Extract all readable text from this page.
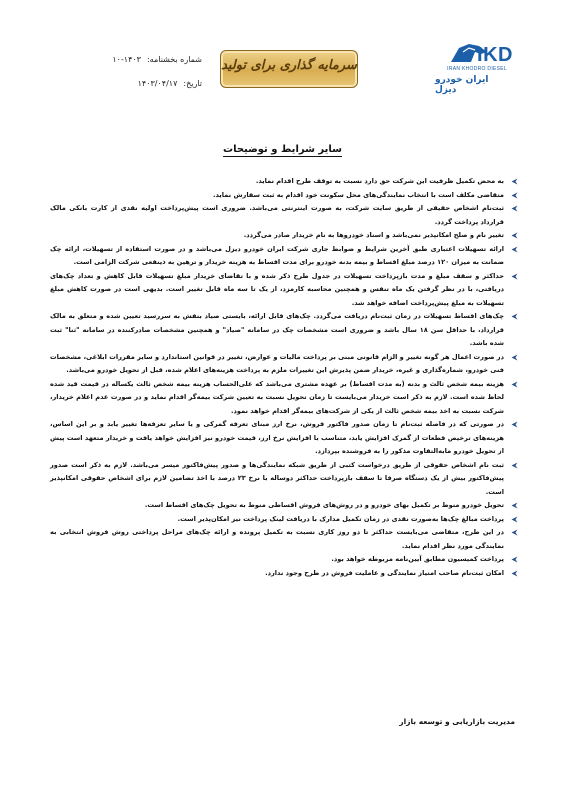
IKD
IRAN KHODRO DIESEL
ایران خودرو دیزل
سرمایه گذاری برای تولید
شماره بخشنامه:
۱۰-۱۴۰۳
تاریخ:
۱۴۰۳/۰۴/۱۷
سایر شرایط و توضیحات
به محض تکمیل ظرفیت این شرکت حق دارد نسبت به توقف طرح اقدام نماید.
متقاضی مکلف است با انتخاب نمایندگی‌های محل سکونت خود اقدام به ثبت سفارش نماید.
ثبت‌نام اشخاص حقیقی از طریق سایت شرکت، به صورت اینترنتی می‌باشد. ضروری است پیش‌پرداخت اولیه نقدی از کارت بانکی مالک قرارداد پرداخت گردد.
تغییر نام و صلح امکانپذیر نمی‌باشد و اسناد خودروها به نام خریدار صادر می‌گردد.
ارائه تسهیلات اعتباری طبق آخرین شرایط و ضوابط جاری شرکت ایران خودرو دیزل می‌باشد و در صورت استفاده از تسهیلات، ارائه چک ضمانت به میزان ۱۲۰ درصد مبلغ اقساط و بیمه بدنه خودرو برای مدت اقساط به هزینه خریدار و ترهین به ذینفعی شرکت الزامی است.
حداکثر و سقف مبلغ و مدت بازپرداخت تسهیلات در جدول طرح ذکر شده و با تقاضای خریدار مبلغ تسهیلات قابل کاهش و تعداد چک‌های دریافتی، با در نظر گرفتن یک ماه تنفس و همچنین محاسبه کارمزد، از یک تا سه ماه قابل تغییر است. بدیهی است در صورت کاهش مبلغ تسهیلات به مبلغ پیش‌پرداخت اضافه خواهد شد.
چک‌های اقساط تسهیلات در زمان ثبت‌نام دریافت می‌گردد. چک‌های قابل ارائه، بایستی صیاد بنفش به سررسید تعیین شده و متعلق به مالک قرارداد، با حداقل سن ۱۸ سال باشد و ضروری است مشخصات چک در سامانه "صیاد" و همچنین مشخصات صادرکننده در سامانه "ثنا" ثبت شده باشد.
در صورت اعمال هر گونه تغییر و الزام قانونی مبنی بر پرداخت مالیات و عوارض، تغییر در قوانین استاندارد و سایر مقررات ابلاغی، مشخصات فنی خودرو، شماره‌گذاری و غیره، خریدار ضمن پذیرش این تغییرات ملزم به پرداخت هزینه‌های اعلام شده، قبل از تحویل خودرو می‌باشد.
هزینه بیمه شخص ثالث و بدنه (به مدت اقساط) بر عهده مشتری می‌باشد که علی‌الحساب هزینه بیمه شخص ثالث یکساله در قیمت قید شده لحاظ شده است. لازم به ذکر است خریدار می‌بایست تا زمان تحویل نسبت به تعیین شرکت بیمه‌گر اقدام نماید و در صورت عدم اعلام خریدار، شرکت نسبت به اخذ بیمه شخص ثالث از یکی از شرکت‌های بیمه‌گر اقدام خواهد نمود.
در صورتی که در فاصله ثبت‌نام تا زمان صدور فاکتور فروش، نرخ ارز مبنای تعرفه گمرکی و یا سایر تعرفه‌ها تغییر یابد و بر این اساس، هزینه‌های ترخیص قطعات از گمرک افزایش یابد، متناسب با افزایش نرخ ارز، قیمت خودرو نیز افزایش خواهد یافت و خریدار متعهد است پیش از تحویل خودرو مابه‌التفاوت مذکور را به فروشنده بپردازد.
ثبت نام اشخاص حقوقی از طریق درخواست کتبی از طریق شبکه نمایندگی‌ها و صدور پیش‌فاکتور میسر می‌باشد. لازم به ذکر است صدور پیش‌فاکتور بیش از یک دستگاه صرفا تا سقف بازپرداخت حداکثر دوساله با نرخ ۲۳ درصد با اخذ تضامین لازم برای اشخاص حقوقی امکانپذیر است.
تحویل خودرو منوط بر تکمیل بهای خودرو و در روش‌های فروش اقساطی منوط به تحویل چک‌های اقساط است.
پرداخت مبالغ چک‌ها به‌صورت نقدی در زمان تکمیل مدارک با دریافت لینک پرداخت نیز امکان‌پذیر است.
در این طرح، متقاضی می‌بایست حداکثر تا دو روز کاری نسبت به تکمیل پرونده و ارائه چک‌های مراحل پرداختی روش فروش انتخابی به نمایندگی مورد نظر اقدام نماید.
پرداخت کمیسیون مطابق آیین‌نامه مربوطه خواهد بود.
امکان ثبت‌نام صاحب امتیاز نمایندگی و عاملیت فروش در طرح وجود ندارد.
مدیریت بازاریابی و توسعه بازار
